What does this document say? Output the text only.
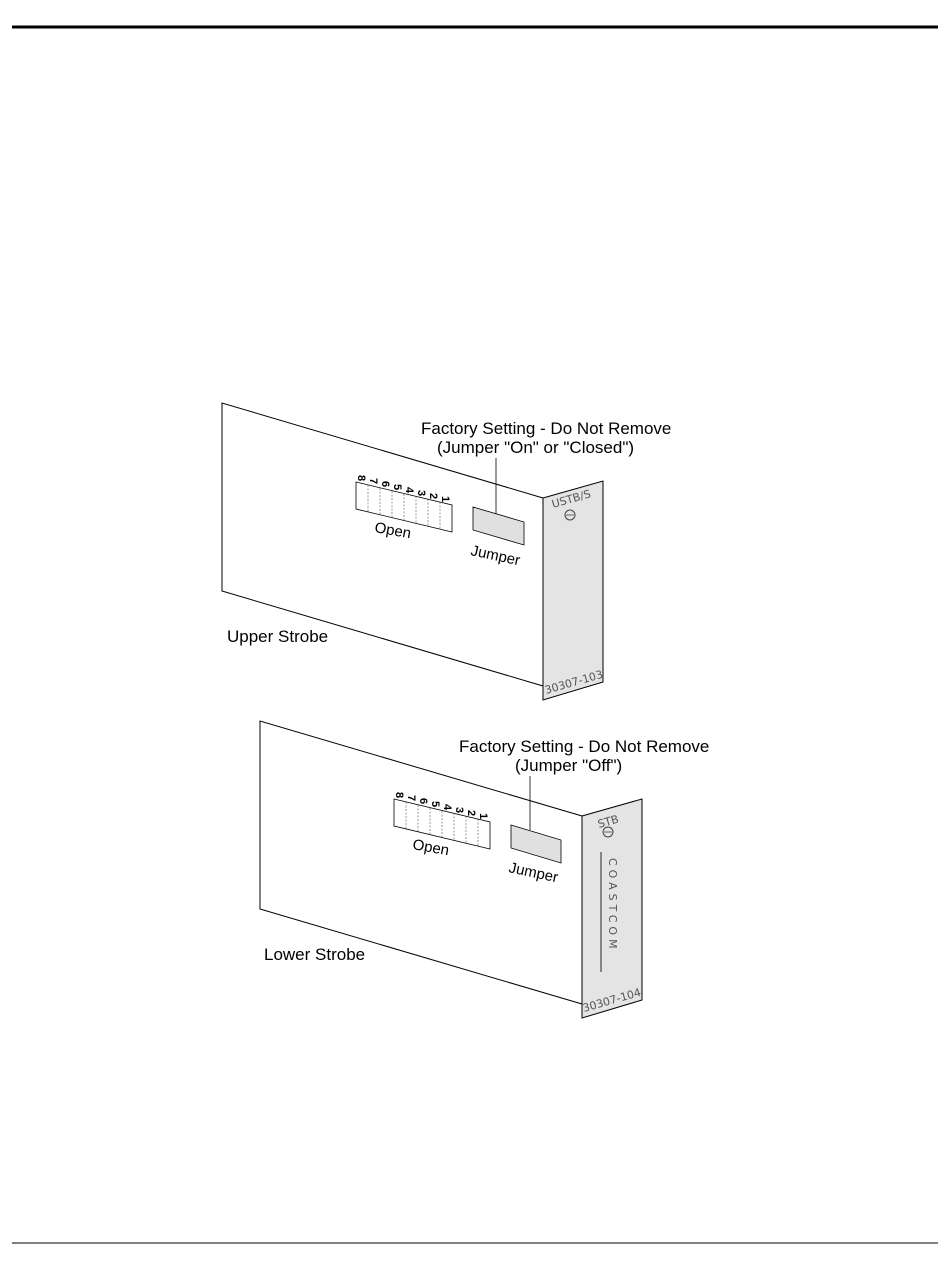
USTB/S
30307-103
8 7 6 5 4 3 2 1
Open
Jumper
Factory Setting - Do Not Remove
(Jumper "On" or "Closed")
Upper Strobe
STB
COASTCOM
30307-104
8 7 6 5 4 3 2 1
Open
Jumper
Factory Setting - Do Not Remove
(Jumper "Off")
Lower Strobe
